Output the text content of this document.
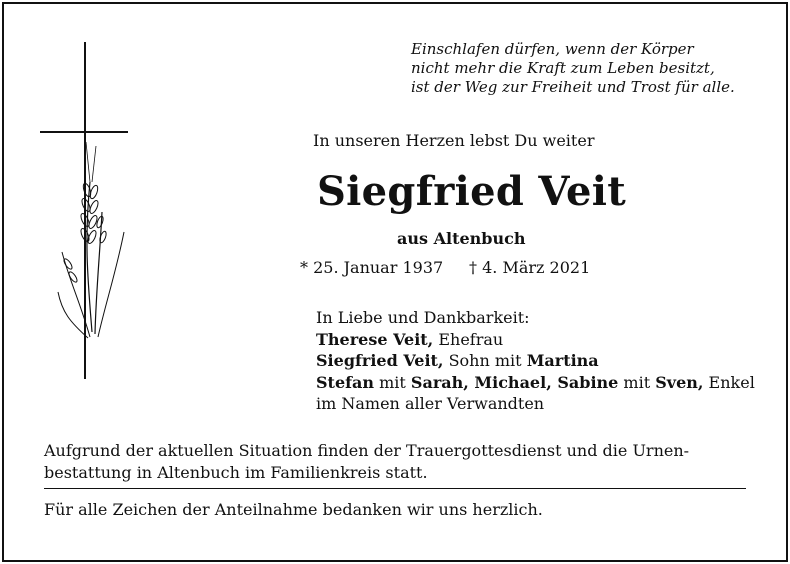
Einschlafen dürfen, wenn der Körper
nicht mehr die Kraft zum Leben besitzt,
ist der Weg zur Freiheit und Trost für alle.
In unseren Herzen lebst Du weiter
Siegfried Veit
aus Altenbuch
* 25. Januar 1937 † 4. März 2021
In Liebe und Dankbarkeit:
Therese Veit, Ehefrau
Siegfried Veit, Sohn mit Martina
Stefan mit Sarah, Michael, Sabine mit Sven, Enkel
im Namen aller Verwandten
Aufgrund der aktuellen Situation finden der Trauergottesdienst und die Urnen-
bestattung in Altenbuch im Familienkreis statt.
Für alle Zeichen der Anteilnahme bedanken wir uns herzlich.
